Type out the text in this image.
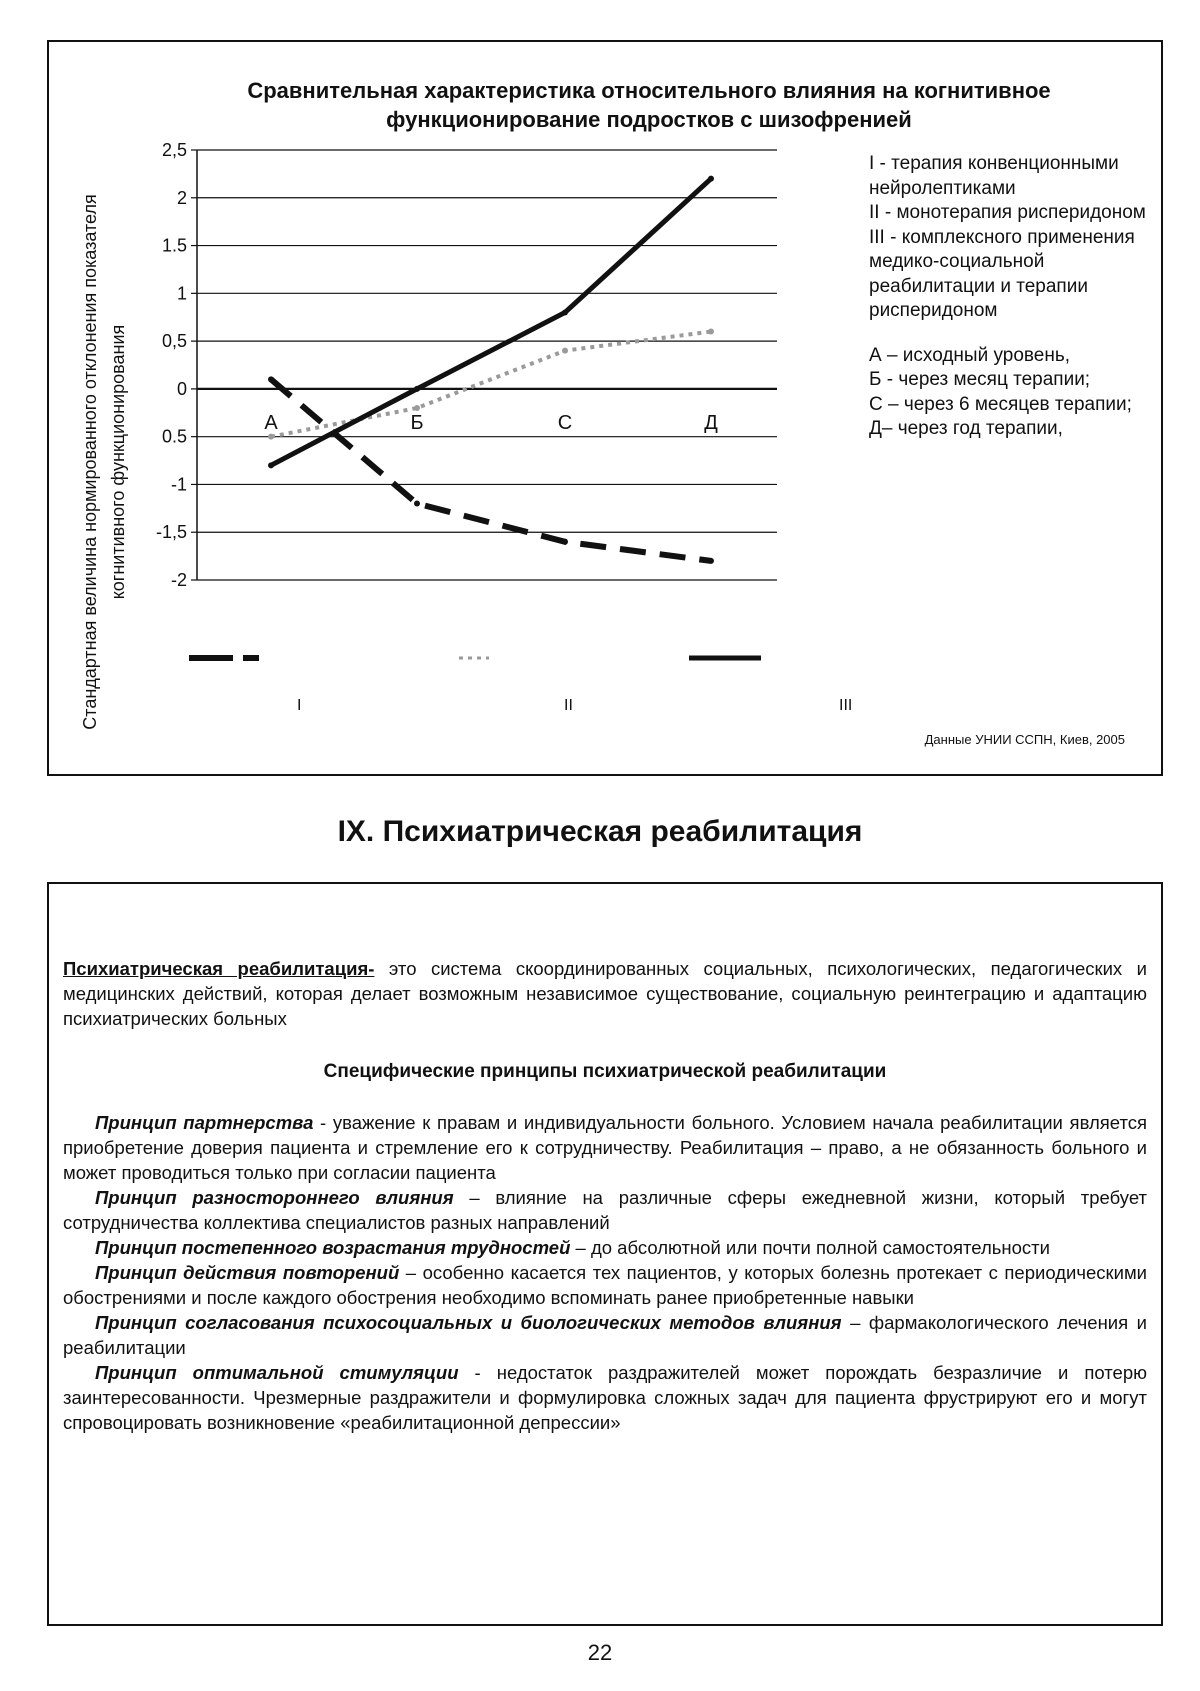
2,5
2
1.5
1
0,5
0
0.5
-1
-1,5
-2
А	Б	С	Д
Сравнительная характеристика относительного влияния на когнитивное функционирование подростков с шизофренией
Стандартная величина нормированного отклонения показателя когнитивного функционирования
I - терапия конвенционными нейролептиками
II - монотерапия рисперидоном
III - комплексного применения медико-социальной реабилитации и терапии рисперидоном
А – исходный уровень,
Б - через месяц терапии;
С – через 6 месяцев терапии;
Д– через год терапии,
I	II	III
Данные УНИИ ССПН, Киев, 2005
IX. Психиатрическая реабилитация

Психиатрическая реабилитация- это система скоординированных социальных, психологических, педагогических и медицинских действий, которая делает возможным независимое существование, социальную реинтеграцию и адаптацию психиатрических больных

Специфические принципы психиатрической реабилитации

Принцип партнерства - уважение к правам и индивидуальности больного. Условием начала реабилитации является приобретение доверия пациента и стремление его к сотрудничеству. Реабилитация – право, а не обязанность больного и может проводиться только при согласии пациента

Принцип разностороннего влияния – влияние на различные сферы ежедневной жизни, который требует сотрудничества коллектива специалистов разных направлений

Принцип постепенного возрастания трудностей – до абсолютной или почти полной самостоятельности

Принцип действия повторений – особенно касается тех пациентов, у которых болезнь протекает с периодическими обострениями и после каждого обострения необходимо вспоминать ранее приобретенные навыки

Принцип согласования психосоциальных и биологических методов влияния – фармакологического лечения и реабилитации

Принцип оптимальной стимуляции - недостаток раздражителей может порождать безразличие и потерю заинтересованности. Чрезмерные раздражители и формулировка сложных задач для пациента фрустрируют его и могут спровоцировать возникновение «реабилитационной депрессии»

22
